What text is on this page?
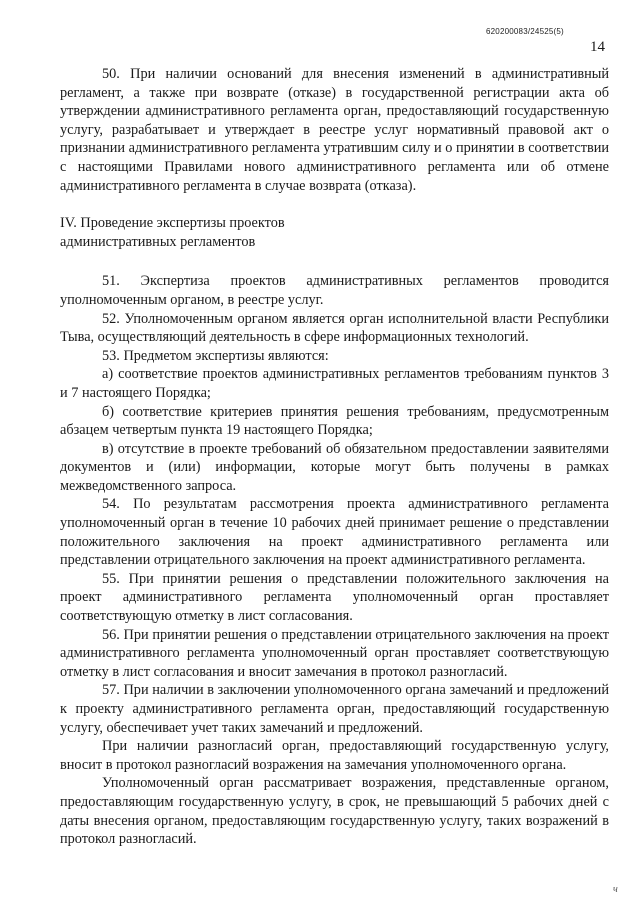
620200083/24525(5)
14

50. При наличии оснований для внесения изменений в административный регламент, а также при возврате (отказе) в государственной регистрации акта об утверждении административного регламента орган, предоставляющий государственную услугу, разрабатывает и утверждает в реестре услуг нормативный правовой акт о признании административного регламента утратившим силу и о принятии в соответствии с настоящими Правилами нового административного регламента или об отмене административного регламента в случае возврата (отказа).

IV. Проведение экспертизы проектов
административных регламентов

51. Экспертиза проектов административных регламентов проводится уполномоченным органом, в реестре услуг.

52. Уполномоченным органом является орган исполнительной власти Республики Тыва, осуществляющий деятельность в сфере информационных технологий.

53. Предметом экспертизы являются:

а) соответствие проектов административных регламентов требованиям пунктов 3 и 7 настоящего Порядка;

б) соответствие критериев принятия решения требованиям, предусмотренным абзацем четвертым пункта 19 настоящего Порядка;

в) отсутствие в проекте требований об обязательном предоставлении заявителями документов и (или) информации, которые могут быть получены в рамках межведомственного запроса.

54. По результатам рассмотрения проекта административного регламента уполномоченный орган в течение 10 рабочих дней принимает решение о представлении положительного заключения на проект административного регламента или представлении отрицательного заключения на проект административного регламента.

55. При принятии решения о представлении положительного заключения на проект административного регламента уполномоченный орган проставляет соответствующую отметку в лист согласования.

56. При принятии решения о представлении отрицательного заключения на проект административного регламента уполномоченный орган проставляет соответствующую отметку в лист согласования и вносит замечания в протокол разногласий.

57. При наличии в заключении уполномоченного органа замечаний и предложений к проекту административного регламента орган, предоставляющий государственную услугу, обеспечивает учет таких замечаний и предложений.

При наличии разногласий орган, предоставляющий государственную услугу, вносит в протокол разногласий возражения на замечания уполномоченного органа.

Уполномоченный орган рассматривает возражения, представленные органом, предоставляющим государственную услугу, в срок, не превышающий 5 рабочих дней с даты внесения органом, предоставляющим государственную услугу, таких возражений в протокол разногласий.

ч
